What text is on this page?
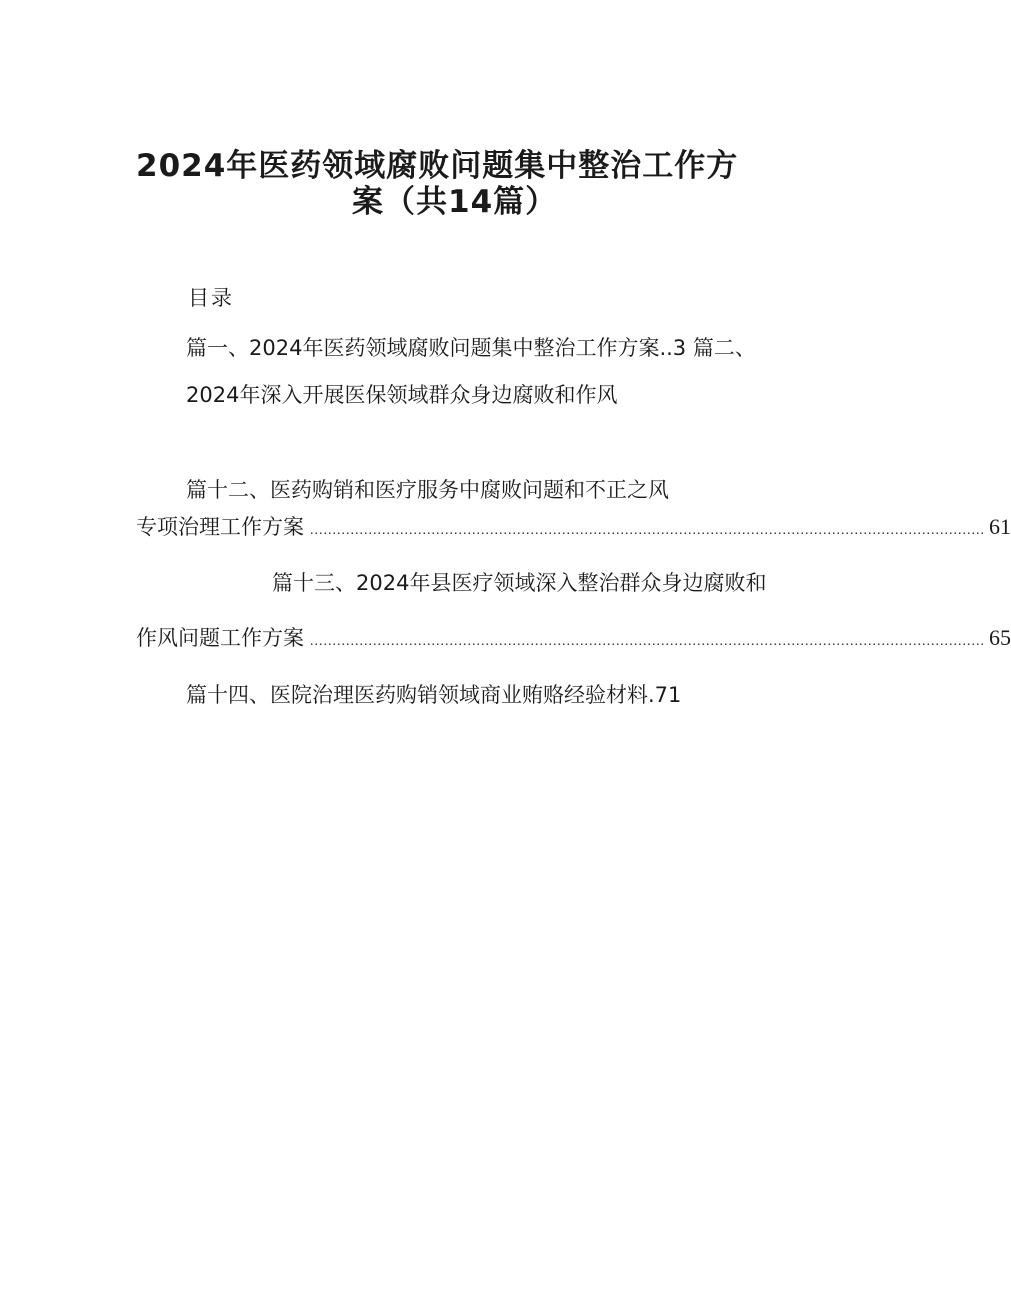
2024年医药领域腐败问题集中整治工作方
案（共14篇）
目录
篇一、2024年医药领域腐败问题集中整治工作方案..3 篇二、
2024年深入开展医保领域群众身边腐败和作风
篇十二、医药购销和医疗服务中腐败问题和不正之风
专项治理工作方案 ...................................................................................................................................................... 61
篇十三、2024年县医疗领域深入整治群众身边腐败和
作风问题工作方案 ...................................................................................................................................................... 65
篇十四、医院治理医药购销领域商业贿赂经验材料.71
